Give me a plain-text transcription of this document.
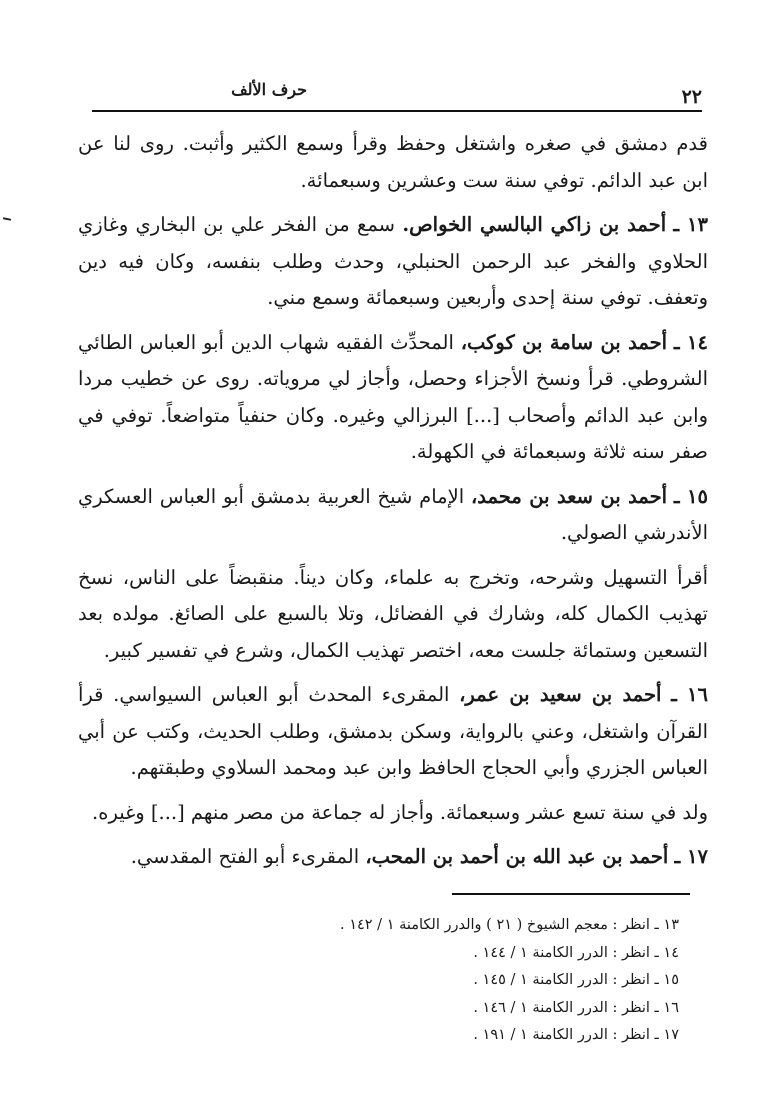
حرف الألف	٢٢

قدم دمشق في صغره واشتغل وحفظ وقرأ وسمع الكثير وأثبت. روى لنا عن ابن عبد الدائم. توفي سنة ست وعشرين وسبعمائة.

١٣ ـ أحمد بن زاكي البالسي الخواص. سمع من الفخر علي بن البخاري وغازي الحلاوي والفخر عبد الرحمن الحنبلي، وحدث وطلب بنفسه، وكان فيه دين وتعفف. توفي سنة إحدى وأربعين وسبعمائة وسمع مني.

١٤ ـ أحمد بن سامة بن كوكب، المحدِّث الفقيه شهاب الدين أبو العباس الطائي الشروطي. قرأ ونسخ الأجزاء وحصل، وأجاز لي مروياته. روى عن خطيب مردا وابن عبد الدائم وأصحاب [...] البرزالي وغيره. وكان حنفياً متواضعاً. توفي في صفر سنه ثلاثة وسبعمائة في الكهولة.

١٥ ـ أحمد بن سعد بن محمد، الإمام شيخ العربية بدمشق أبو العباس العسكري الأندرشي الصولي.

أقرأ التسهيل وشرحه، وتخرج به علماء، وكان ديناً. منقبضاً على الناس، نسخ تهذيب الكمال كله، وشارك في الفضائل، وتلا بالسبع على الصائغ. مولده بعد التسعين وستمائة جلست معه، اختصر تهذيب الكمال، وشرع في تفسير كبير.

١٦ ـ أحمد بن سعيد بن عمر، المقرىء المحدث أبو العباس السيواسي. قرأ القرآن واشتغل، وعني بالرواية، وسكن بدمشق، وطلب الحديث، وكتب عن أبي العباس الجزري وأبي الحجاج الحافظ وابن عبد ومحمد السلاوي وطبقتهم.

ولد في سنة تسع عشر وسبعمائة. وأجاز له جماعة من مصر منهم [...] وغيره.

١٧ ـ أحمد بن عبد الله بن أحمد بن المحب، المقرىء أبو الفتح المقدسي.

١٣ ـ انظر : معجم الشيوخ ( ٢١ ) والدرر الكامنة ١ / ١٤٢ .
١٤ ـ انظر : الدرر الكامنة ١ / ١٤٤ .
١٥ ـ انظر : الدرر الكامنة ١ / ١٤٥ .
١٦ ـ انظر : الدرر الكامنة ١ / ١٤٦ .
١٧ ـ انظر : الدرر الكامنة ١ / ١٩١ .
